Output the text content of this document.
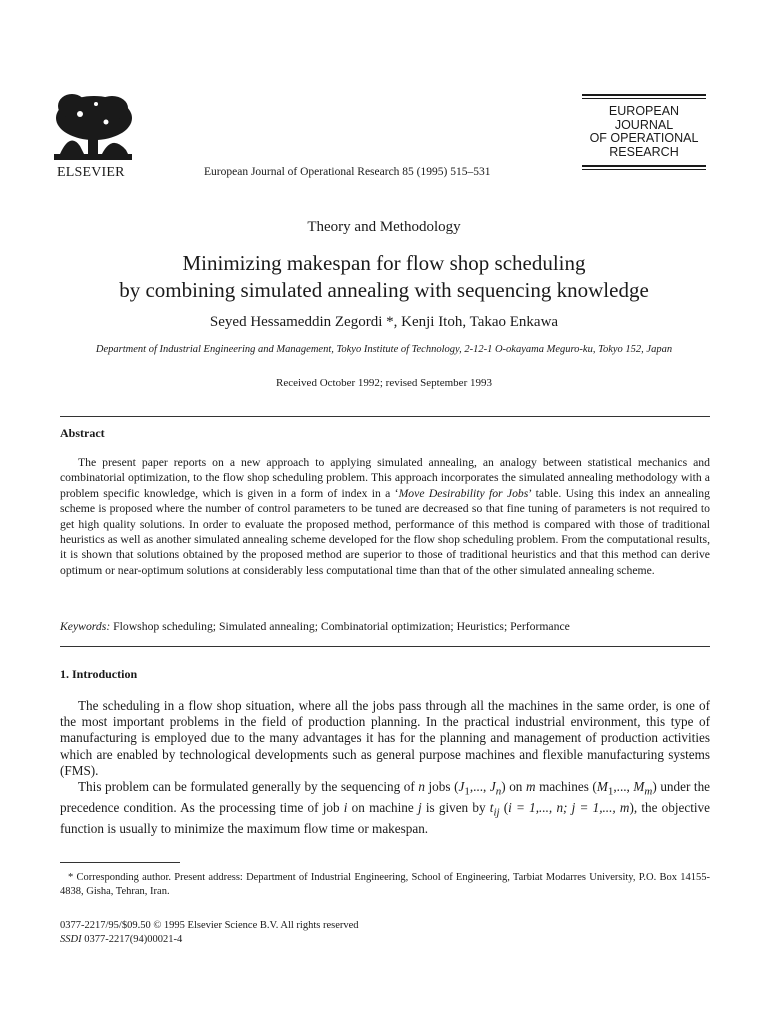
ELSEVIER	European Journal of Operational Research 85 (1995) 515–531
EUROPEAN
JOURNAL
OF OPERATIONAL
RESEARCH
Theory and Methodology
Minimizing makespan for flow shop scheduling
by combining simulated annealing with sequencing knowledge
Seyed Hessameddin Zegordi *, Kenji Itoh, Takao Enkawa
Department of Industrial Engineering and Management, Tokyo Institute of Technology, 2-12-1 O-okayama Meguro-ku, Tokyo 152, Japan
Received October 1992; revised September 1993
Abstract
The present paper reports on a new approach to applying simulated annealing, an analogy between statistical mechanics and combinatorial optimization, to the flow shop scheduling problem. This approach incorporates the simulated annealing methodology with a problem specific knowledge, which is given in a form of index in a ‘Move Desirability for Jobs’ table. Using this index an annealing scheme is proposed where the number of control parameters to be tuned are decreased so that fine tuning of parameters is not required to get high quality solutions. In order to evaluate the proposed method, performance of this method is compared with those of traditional heuristics as well as another simulated annealing scheme developed for the flow shop scheduling problem. From the computational results, it is shown that solutions obtained by the proposed method are superior to those of traditional heuristics and that this method can derive optimum or near-optimum solutions at considerably less computational time than that of the other simulated annealing scheme.
Keywords: Flowshop scheduling; Simulated annealing; Combinatorial optimization; Heuristics; Performance
1. Introduction

The scheduling in a flow shop situation, where all the jobs pass through all the machines in the same order, is one of the most important problems in the field of production planning. In the practical industrial environment, this type of manufacturing is employed due to the many advantages it has for the planning and management of production activities which are enabled by technological developments such as general purpose machines and flexible manufacturing systems (FMS).

This problem can be formulated generally by the sequencing of n jobs ($J_1$,..., $J_n$) on m machines ($M_1$,..., $M_m$) under the precedence condition. As the processing time of job i on machine j is given by $t_{ij}$ (i = 1,..., n; j = 1,..., m), the objective function is usually to minimize the maximum flow time or makespan.

* Corresponding author. Present address: Department of Industrial Engineering, School of Engineering, Tarbiat Modarres University, P.O. Box 14155-4838, Gisha, Tehran, Iran.
0377-2217/95/$09.50 © 1995 Elsevier Science B.V. All rights reserved
SSDI 0377-2217(94)00021-4
